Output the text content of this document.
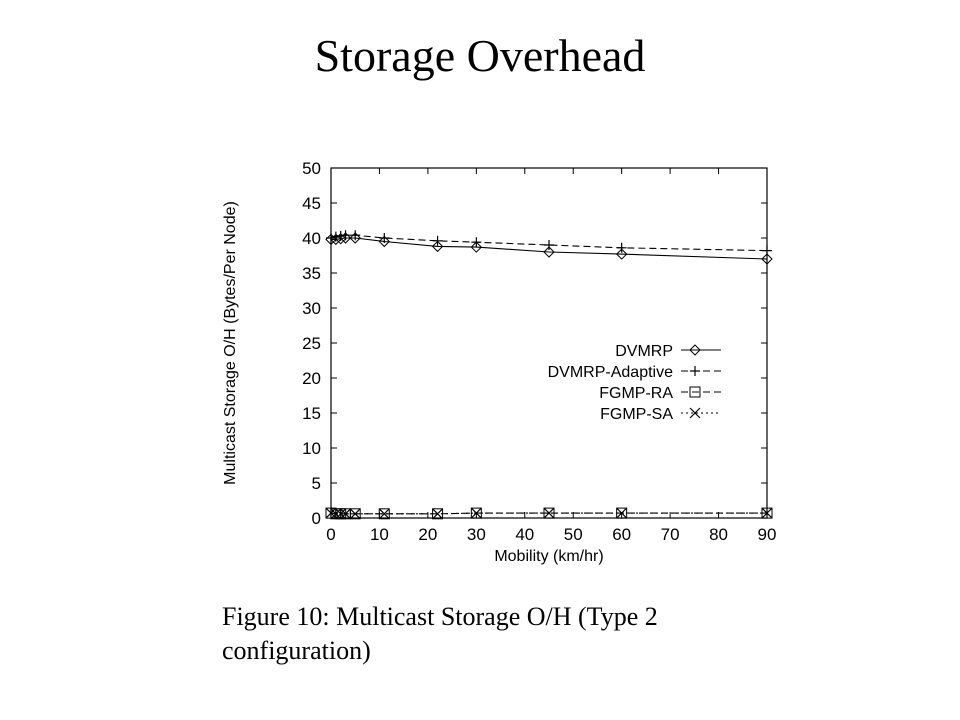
Storage Overhead
0
5
10
15
20
25
30
35
40
45
50
0 10 20 30 40 50 60 70 80 90
Mobility (km/hr)
Multicast Storage O/H (Bytes/Per Node)	DVMRP
DVMRP-Adaptive
FGMP-RA
FGMP-SA
Figure 10: Multicast Storage O/H (Type 2 configuration)
